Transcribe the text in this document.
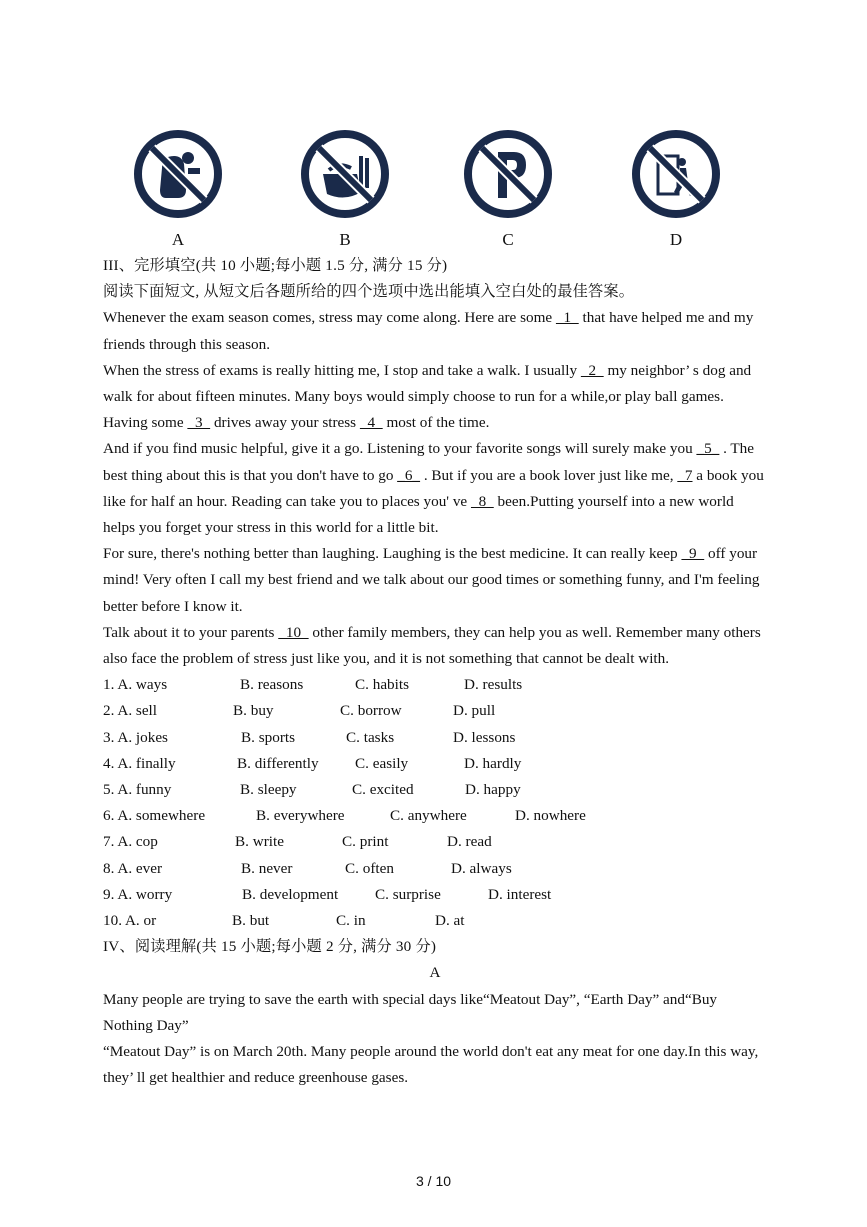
A	B	C	D

III、完形填空(共 10 小题;每小题 1.5 分, 满分 15 分)

阅读下面短文, 从短文后各题所给的四个选项中选出能填入空白处的最佳答案。

Whenever the exam season comes, stress may come along. Here are some   1   that have helped me and my friends through this season.

When the stress of exams is really hitting me, I stop and take a walk. I usually   2   my neighbor’ s dog and walk for about fifteen minutes. Many boys would simply choose to run for a while,or play ball games. Having some   3   drives away your stress   4   most of the time.

And if you find music helpful, give it a go. Listening to your favorite songs will surely make you _5_ . The best thing about this is that you don't have to go _6_ . But if you are a book lover just like me,   7 a book you like for half an hour. Reading can take you to places you' ve   8   been.Putting yourself into a new world helps you forget your stress in this world for a little bit.

For sure, there's nothing better than laughing. Laughing is the best medicine. It can really keep   9   off your mind! Very often I call my best friend and we talk about our good times or something funny, and I'm feeling better before I know it.

Talk about it to your parents   10   other family members, they can help you as well. Remember many others also face the problem of stress just like you, and it is not something that cannot be dealt with.

1. A. ways	B. reasons	C. habits	D. results
2. A. sell	B. buy	C. borrow	D. pull
3. A. jokes	B. sports	C. tasks	D. lessons
4. A. finally	B. differently	C. easily	D. hardly
5. A. funny	B. sleepy	C. excited	D. happy
6. A. somewhere	B. everywhere	C. anywhere	D. nowhere
7. A. cop	B. write	C. print	D. read
8. A. ever	B. never	C. often	D. always
9. A. worry	B. development	C. surprise	D. interest
10. A. or	B. but	C. in	D. at

IV、阅读理解(共 15 小题;每小题 2 分, 满分 30 分)

A

Many people are trying to save the earth with special days like“Meatout Day”, “Earth Day” and“Buy Nothing Day”

“Meatout Day” is on March 20th. Many people around the world don't eat any meat for one day.In this way, they’ ll get healthier and reduce greenhouse gases.

3 / 10
